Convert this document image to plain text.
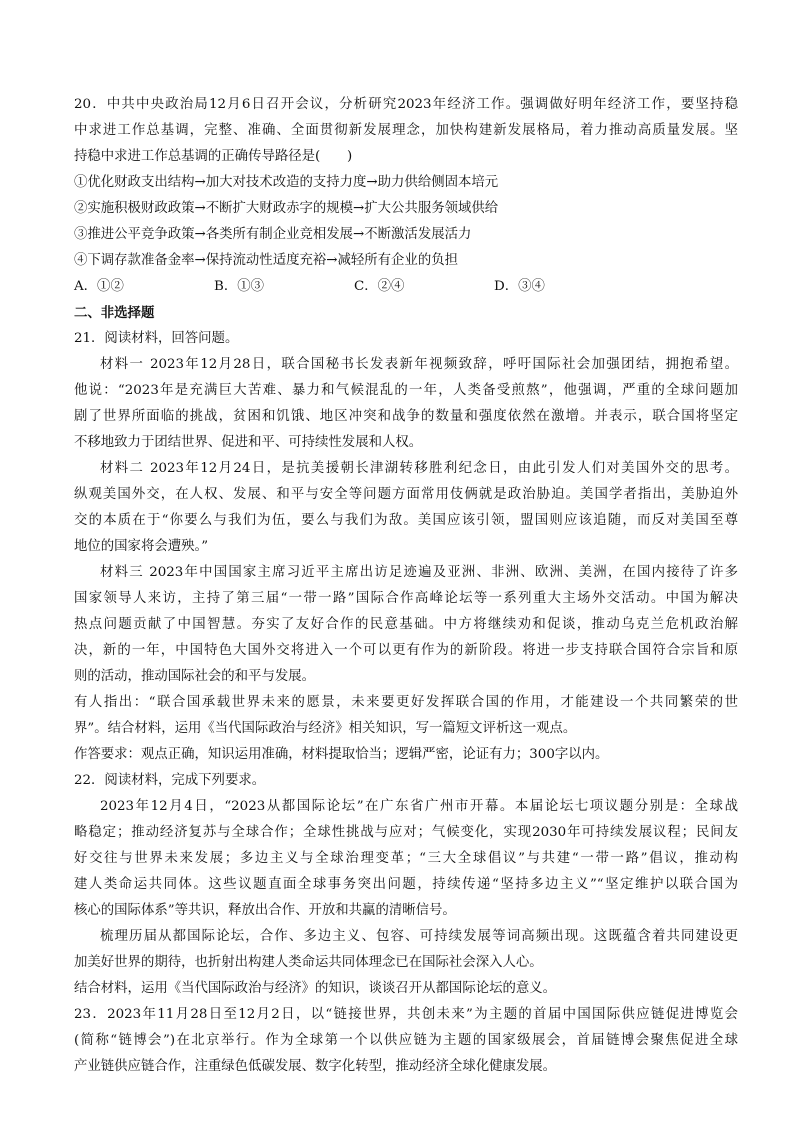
20．中共中央政治局12月6日召开会议，分析研究2023年经济工作。强调做好明年经济工作，要坚持稳
中求进工作总基调，完整、准确、全面贯彻新发展理念，加快构建新发展格局，着力推动高质量发展。坚
持稳中求进工作总基调的正确传导路径是(　　)
①优化财政支出结构→加大对技术改造的支持力度→助力供给侧固本培元
②实施积极财政政策→不断扩大财政赤字的规模→扩大公共服务领域供给
③推进公平竞争政策→各类所有制企业竞相发展→不断激活发展活力
④下调存款准备金率→保持流动性适度充裕→减轻所有企业的负担
A．①②	B．①③	C．②④	D．③④
二、非选择题
21．阅读材料，回答问题。
材料一 2023年12月28日，联合国秘书长发表新年视频致辞，呼吁国际社会加强团结，拥抱希望。
他说：“2023年是充满巨大苦难、暴力和气候混乱的一年，人类备受煎熬”，他强调，严重的全球问题加
剧了世界所面临的挑战，贫困和饥饿、地区冲突和战争的数量和强度依然在激增。并表示，联合国将坚定
不移地致力于团结世界、促进和平、可持续性发展和人权。
材料二 2023年12月24日，是抗美援朝长津湖转移胜利纪念日，由此引发人们对美国外交的思考。
纵观美国外交，在人权、发展、和平与安全等问题方面常用伎俩就是政治胁迫。美国学者指出，美胁迫外
交的本质在于“你要么与我们为伍，要么与我们为敌。美国应该引领，盟国则应该追随，而反对美国至尊
地位的国家将会遭殃。”
材料三 2023年中国国家主席习近平主席出访足迹遍及亚洲、非洲、欧洲、美洲，在国内接待了许多
国家领导人来访，主持了第三届“一带一路”国际合作高峰论坛等一系列重大主场外交活动。中国为解决
热点问题贡献了中国智慧。夯实了友好合作的民意基础。中方将继续劝和促谈，推动乌克兰危机政治解
决，新的一年，中国特色大国外交将进入一个可以更有作为的新阶段。将进一步支持联合国符合宗旨和原
则的活动，推动国际社会的和平与发展。
有人指出：“联合国承载世界未来的愿景，未来要更好发挥联合国的作用，才能建设一个共同繁荣的世
界”。结合材料，运用《当代国际政治与经济》相关知识，写一篇短文评析这一观点。
作答要求：观点正确，知识运用准确，材料提取恰当；逻辑严密，论证有力；300字以内。
22．阅读材料，完成下列要求。
2023年12月4日，“2023从都国际论坛”在广东省广州市开幕。本届论坛七项议题分别是：全球战
略稳定；推动经济复苏与全球合作；全球性挑战与应对；气候变化，实现2030年可持续发展议程；民间友
好交往与世界未来发展；多边主义与全球治理变革；“三大全球倡议”与共建“一带一路”倡议，推动构
建人类命运共同体。这些议题直面全球事务突出问题，持续传递“坚持多边主义”“坚定维护以联合国为
核心的国际体系”等共识，释放出合作、开放和共赢的清晰信号。
梳理历届从都国际论坛，合作、多边主义、包容、可持续发展等词高频出现。这既蕴含着共同建设更
加美好世界的期待，也折射出构建人类命运共同体理念已在国际社会深入人心。
结合材料，运用《当代国际政治与经济》的知识，谈谈召开从都国际论坛的意义。
23．2023年11月28日至12月2日，以“链接世界，共创未来”为主题的首届中国国际供应链促进博览会
(简称“链博会”)在北京举行。作为全球第一个以供应链为主题的国家级展会，首届链博会聚焦促进全球
产业链供应链合作，注重绿色低碳发展、数字化转型，推动经济全球化健康发展。
